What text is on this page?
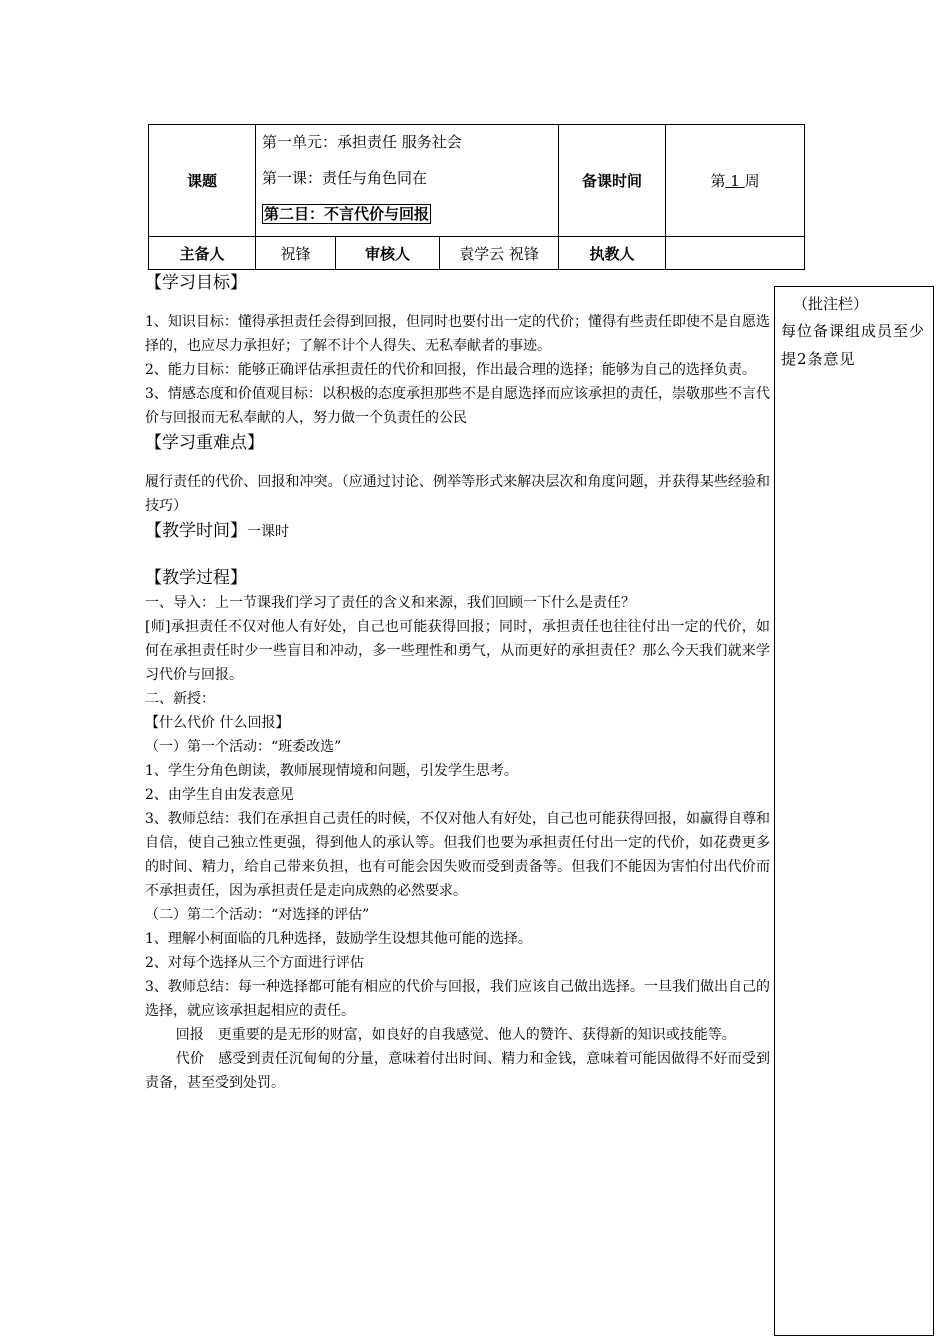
课题	第一单元：承担责任 服务社会
第一课：责任与角色同在
第二目：不言代价与回报			备课时间	第 1 周
主备人	祝锋	审核人	袁学云 祝锋	执教人	
（批注栏）
每位备课组成员至少提2条意见
【学习目标】
1、知识目标：懂得承担责任会得到回报，但同时也要付出一定的代价；懂得有些责任即使不是自愿选择的，也应尽力承担好；了解不计个人得失、无私奉献者的事迹。
2、能力目标：能够正确评估承担责任的代价和回报，作出最合理的选择；能够为自己的选择负责。
3、情感态度和价值观目标：以积极的态度承担那些不是自愿选择而应该承担的责任，崇敬那些不言代价与回报而无私奉献的人，努力做一个负责任的公民
【学习重难点】
履行责任的代价、回报和冲突。（应通过讨论、例举等形式来解决层次和角度问题，并获得某些经验和技巧）
【教学时间】一课时
【教学过程】
一、导入：上一节课我们学习了责任的含义和来源，我们回顾一下什么是责任？
[师]承担责任不仅对他人有好处，自己也可能获得回报；同时，承担责任也往往付出一定的代价，如何在承担责任时少一些盲目和冲动，多一些理性和勇气，从而更好的承担责任？那么今天我们就来学习代价与回报。
二、新授：
【什么代价 什么回报】
（一）第一个活动：“班委改选”
1、学生分角色朗读，教师展现情境和问题，引发学生思考。
2、由学生自由发表意见
3、教师总结：我们在承担自己责任的时候，不仅对他人有好处，自己也可能获得回报，如赢得自尊和自信，使自己独立性更强，得到他人的承认等。但我们也要为承担责任付出一定的代价，如花费更多的时间、精力，给自己带来负担，也有可能会因失败而受到责备等。但我们不能因为害怕付出代价而不承担责任，因为承担责任是走向成熟的必然要求。
（二）第二个活动：“对选择的评估”
1、理解小柯面临的几种选择，鼓励学生设想其他可能的选择。
2、对每个选择从三个方面进行评估
3、教师总结：每一种选择都可能有相应的代价与回报，我们应该自己做出选择。一旦我们做出自己的选择，就应该承担起相应的责任。
回报　更重要的是无形的财富，如良好的自我感觉、他人的赞许、获得新的知识或技能等。
代价　感受到责任沉甸甸的分量，意味着付出时间、精力和金钱，意味着可能因做得不好而受到责备，甚至受到处罚。
